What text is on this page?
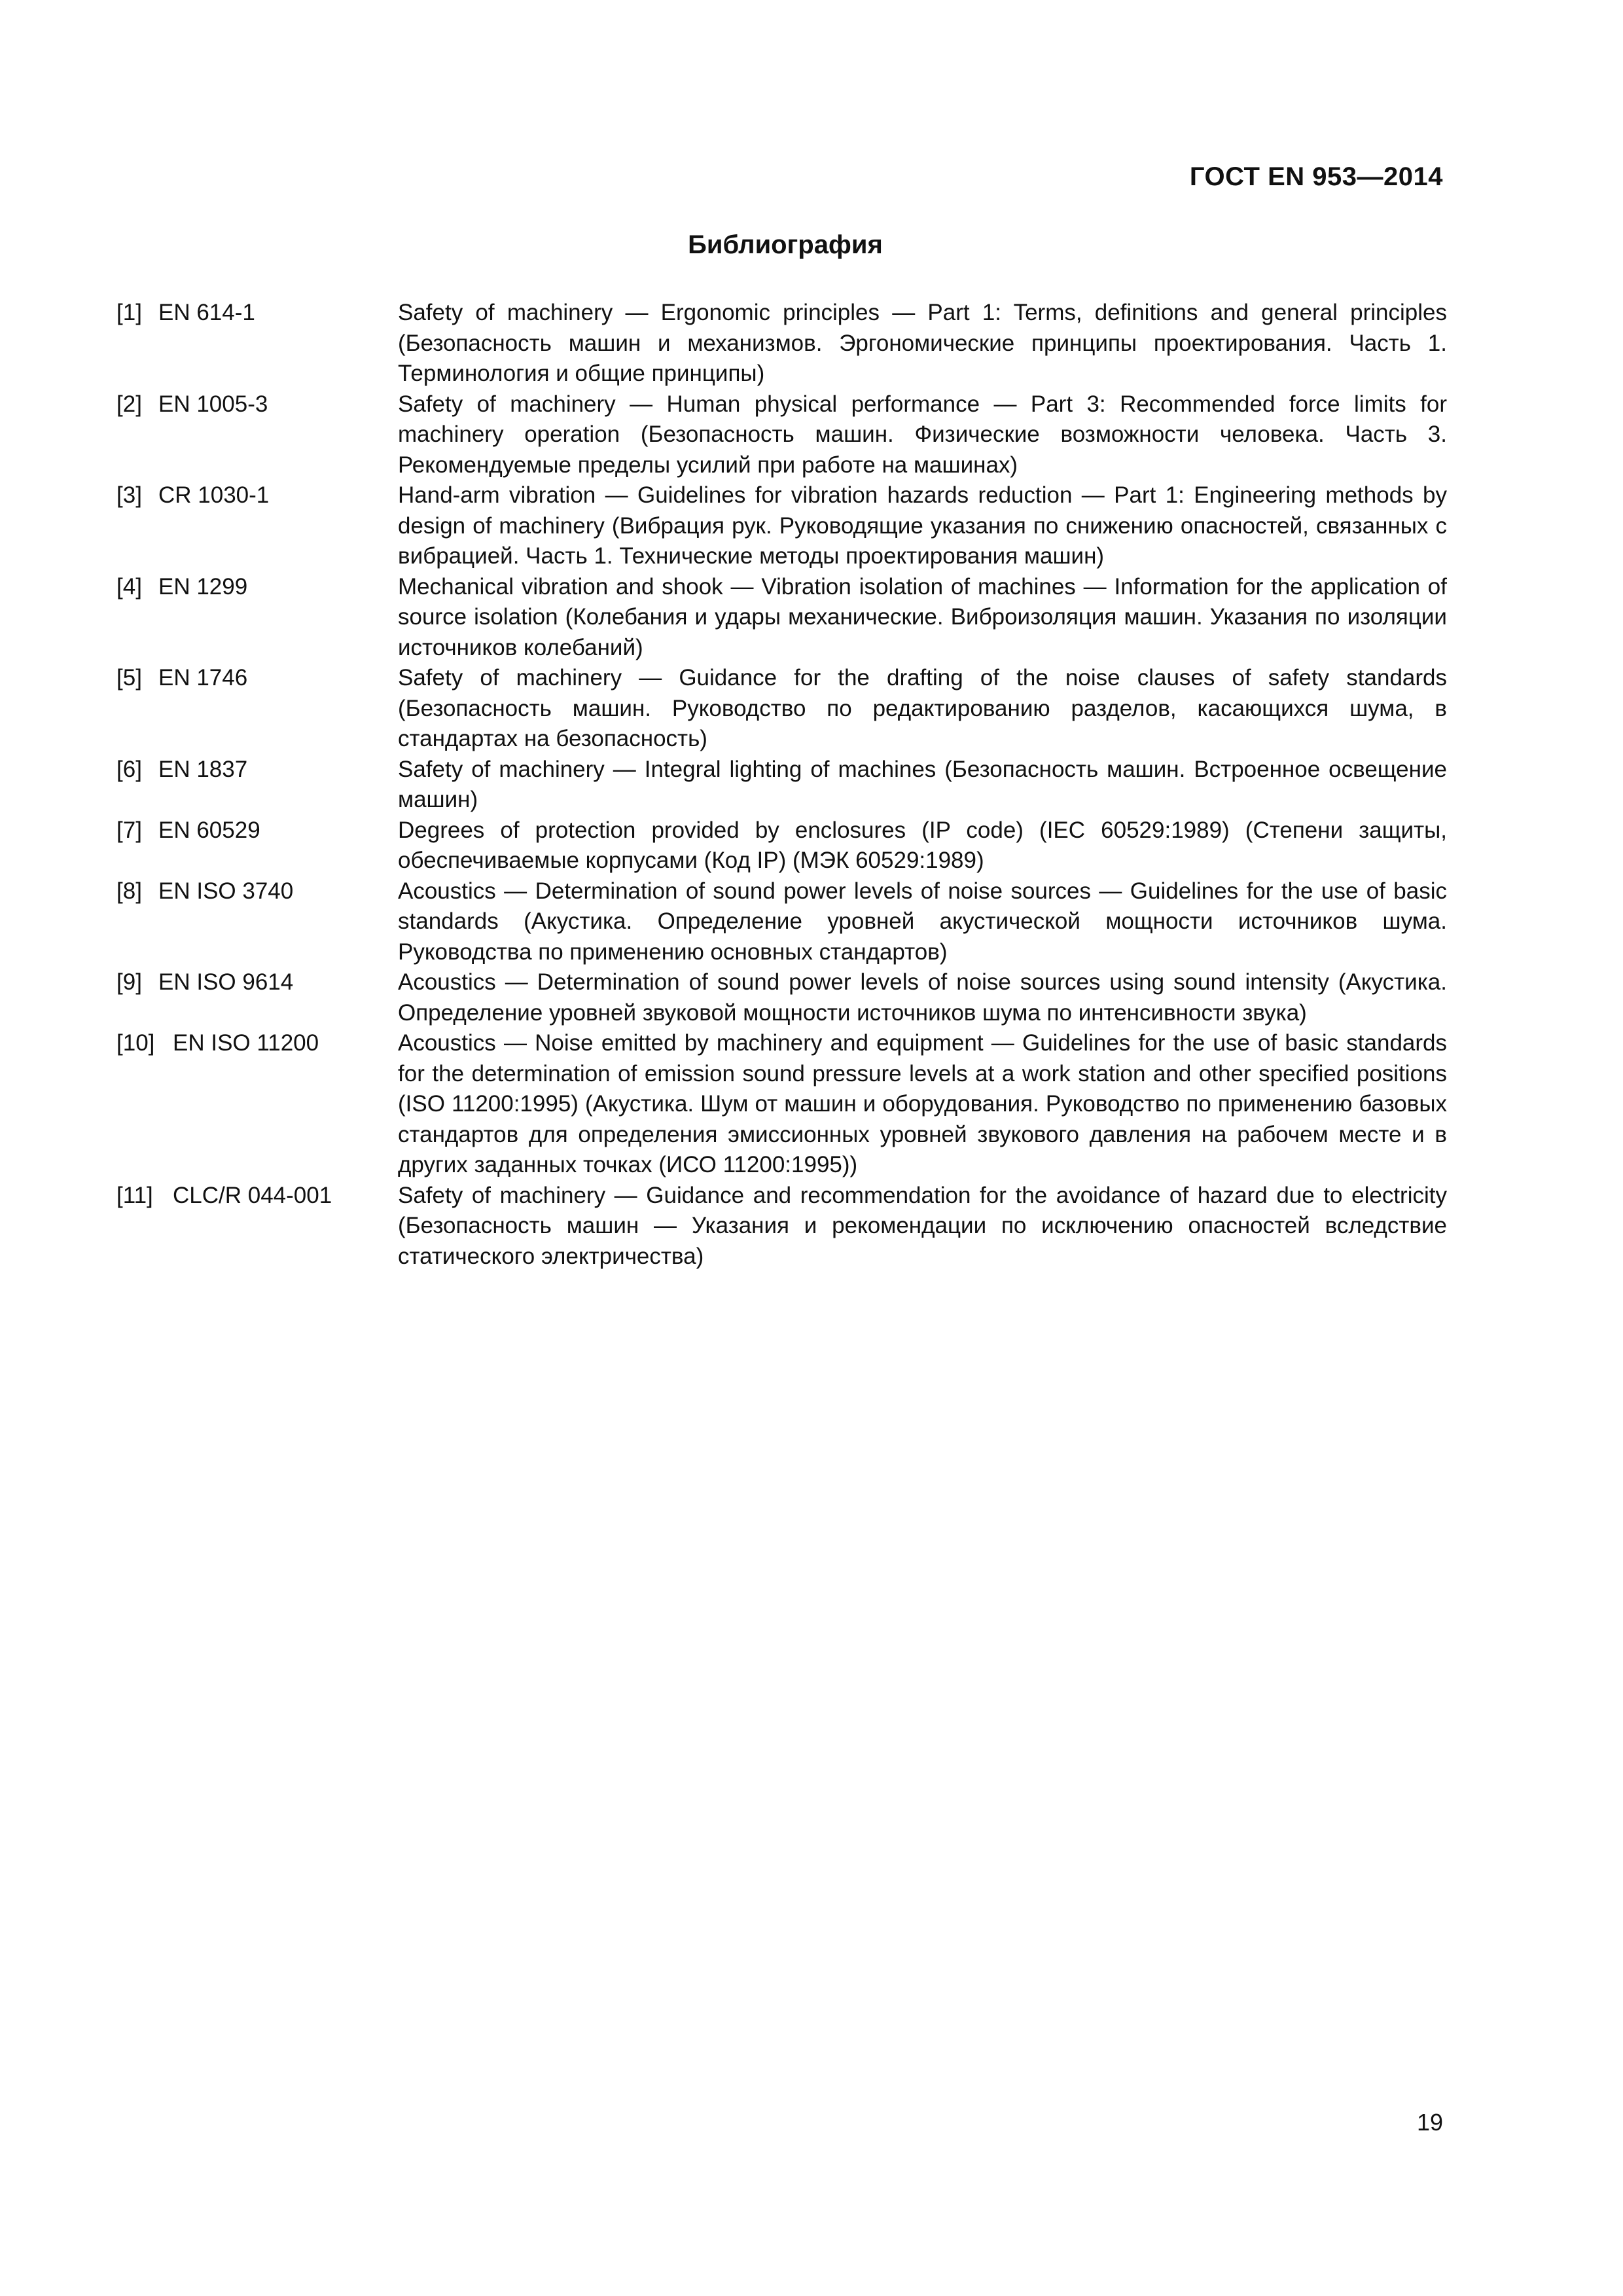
ГОСТ EN 953—2014
Библиография
[1] EN 614-1	Safety of machinery — Ergonomic principles — Part 1: Terms, definitions and general principles (Безопасность машин и механизмов. Эргономические принципы проектирования. Часть 1. Терминология и общие принципы)
[2] EN 1005-3	Safety of machinery — Human physical performance — Part 3: Recommended force limits for machinery operation (Безопасность машин. Физические возможности человека. Часть 3. Рекомендуемые пределы усилий при работе на машинах)
[3] CR 1030-1	Hand-arm vibration — Guidelines for vibration hazards reduction — Part 1: Engineering methods by design of machinery (Вибрация рук. Руководящие указания по снижению опасностей, связанных с вибрацией. Часть 1. Технические методы проектирования машин)
[4] EN 1299	Mechanical vibration and shook — Vibration isolation of machines — Information for the application of source isolation (Колебания и удары механические. Виброизоляция машин. Указания по изоляции источников колебаний)
[5] EN 1746	Safety of machinery — Guidance for the drafting of the noise clauses of safety standards (Безопасность машин. Руководство по редактированию разделов, касающихся шума, в стандартах на безопасность)
[6] EN 1837	Safety of machinery — Integral lighting of machines (Безопасность машин. Встроенное освещение машин)
[7] EN 60529	Degrees of protection provided by enclosures (IP code) (IEC 60529:1989) (Степени защиты, обеспечиваемые корпусами (Код IP) (МЭК 60529:1989)
[8] EN ISO 3740	Acoustics — Determination of sound power levels of noise sources — Guidelines for the use of basic standards (Акустика. Определение уровней акустической мощности источников шума. Руководства по применению основных стандартов)
[9] EN ISO 9614	Acoustics — Determination of sound power levels of noise sources using sound intensity (Акустика. Определение уровней звуковой мощности источников шума по интенсивности звука)
[10] EN ISO 11200	Acoustics — Noise emitted by machinery and equipment — Guidelines for the use of basic standards for the determination of emission sound pressure levels at a work station and other specified positions (ISO 11200:1995) (Акустика. Шум от машин и оборудования. Руководство по применению базовых стандартов для определения эмиссионных уровней звукового давления на рабочем месте и в других заданных точках (ИСО 11200:1995))
[11] CLC/R 044-001	Safety of machinery — Guidance and recommendation for the avoidance of hazard due to electricity (Безопасность машин — Указания и рекомендации по исключению опасностей вследствие статического электричества)
19
